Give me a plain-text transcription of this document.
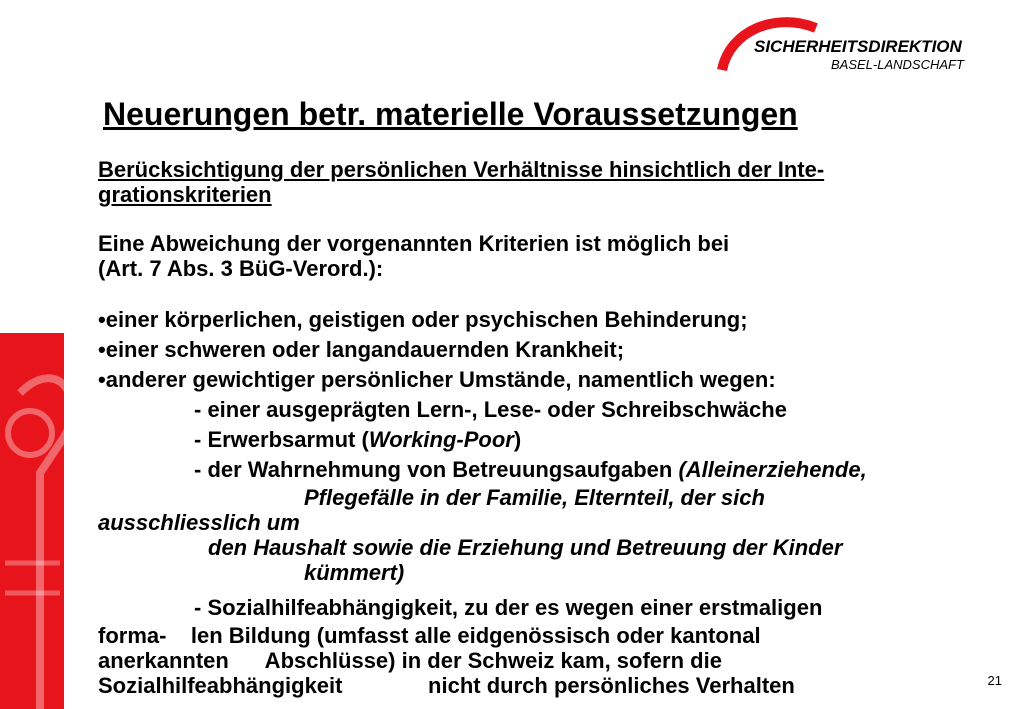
SICHERHEITSDIREKTION
BASEL-LANDSCHAFT
Neuerungen betr. materielle Voraussetzungen
Berücksichtigung der persönlichen Verhältnisse hinsichtlich der Inte-
grationskriterien
Eine Abweichung der vorgenannten Kriterien ist möglich bei
(Art. 7 Abs. 3 BüG-Verord.):
•einer körperlichen, geistigen oder psychischen Behinderung;
•einer schweren oder langandauernden Krankheit;
•anderer gewichtiger persönlicher Umstände, namentlich wegen:
- einer ausgeprägten Lern-, Lese- oder Schreibschwäche
- Erwerbsarmut (Working-Poor)
- der Wahrnehmung von Betreuungsaufgaben (Alleinerziehende,
Pflegefälle in der Familie, Elternteil, der sich
ausschliesslich um
den Haushalt sowie die Erziehung und Betreuung der Kinder
kümmert)
- Sozialhilfeabhängigkeit, zu der es wegen einer erstmaligen
forma-    len Bildung (umfasst alle eidgenössisch oder kantonal
anerkannten      Abschlüsse) in der Schweiz kam, sofern die
Sozialhilfeabhängigkeit              nicht durch persönliches Verhalten	21
